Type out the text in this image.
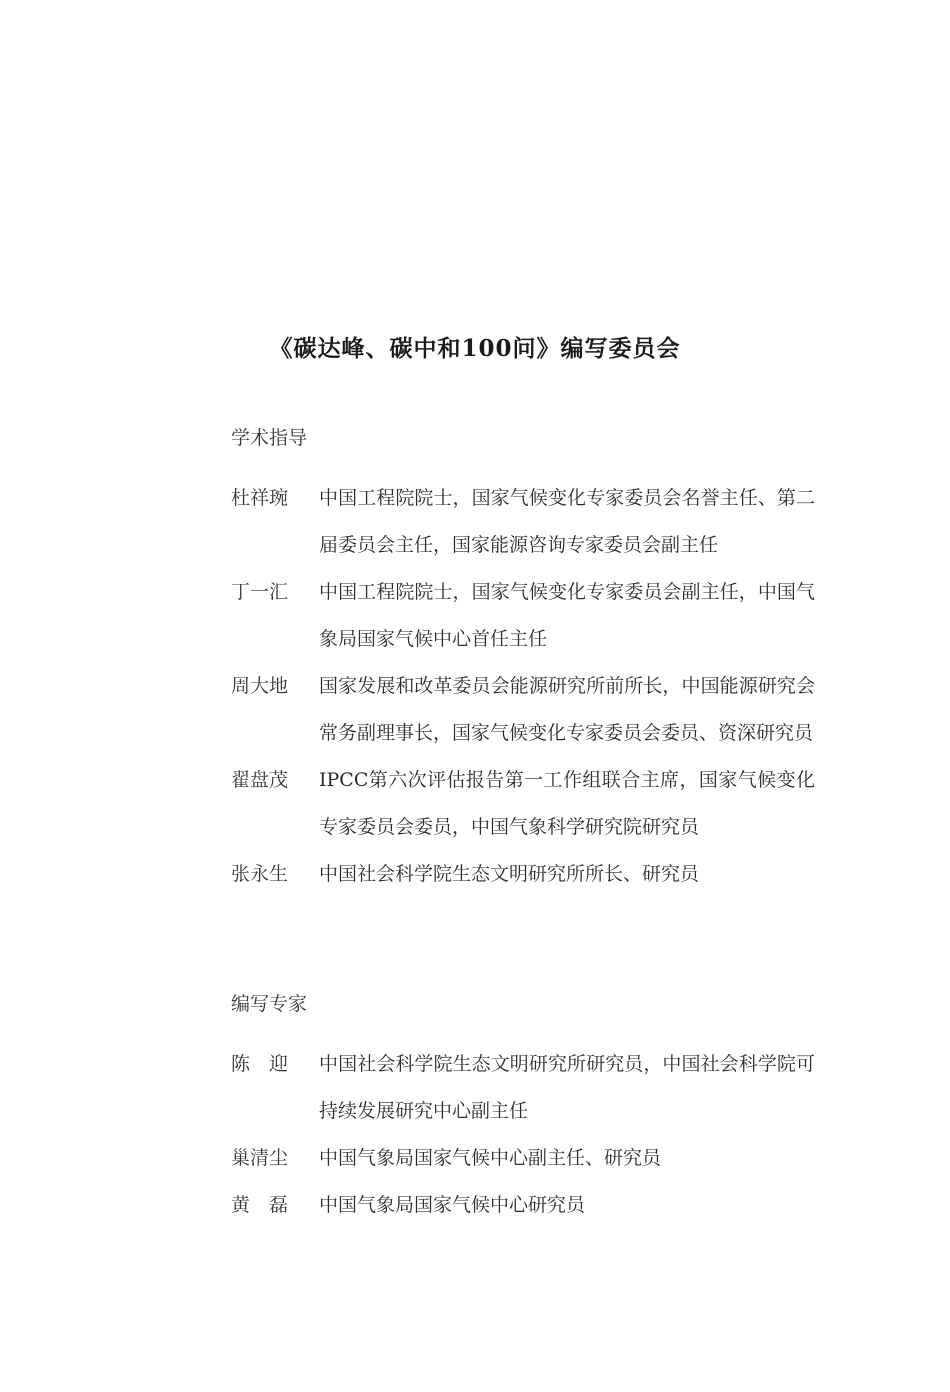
《碳达峰、碳中和100问》编写委员会
学术指导
杜祥琬	中国工程院院士，国家气候变化专家委员会名誉主任、第二届委员会主任，国家能源咨询专家委员会副主任
丁一汇	中国工程院院士，国家气候变化专家委员会副主任，中国气象局国家气候中心首任主任
周大地	国家发展和改革委员会能源研究所前所长，中国能源研究会常务副理事长，国家气候变化专家委员会委员、资深研究员
翟盘茂	IPCC第六次评估报告第一工作组联合主席，国家气候变化专家委员会委员，中国气象科学研究院研究员
张永生	中国社会科学院生态文明研究所所长、研究员
编写专家
陈　迎	中国社会科学院生态文明研究所研究员，中国社会科学院可持续发展研究中心副主任
巢清尘	中国气象局国家气候中心副主任、研究员
黄　磊	中国气象局国家气候中心研究员
